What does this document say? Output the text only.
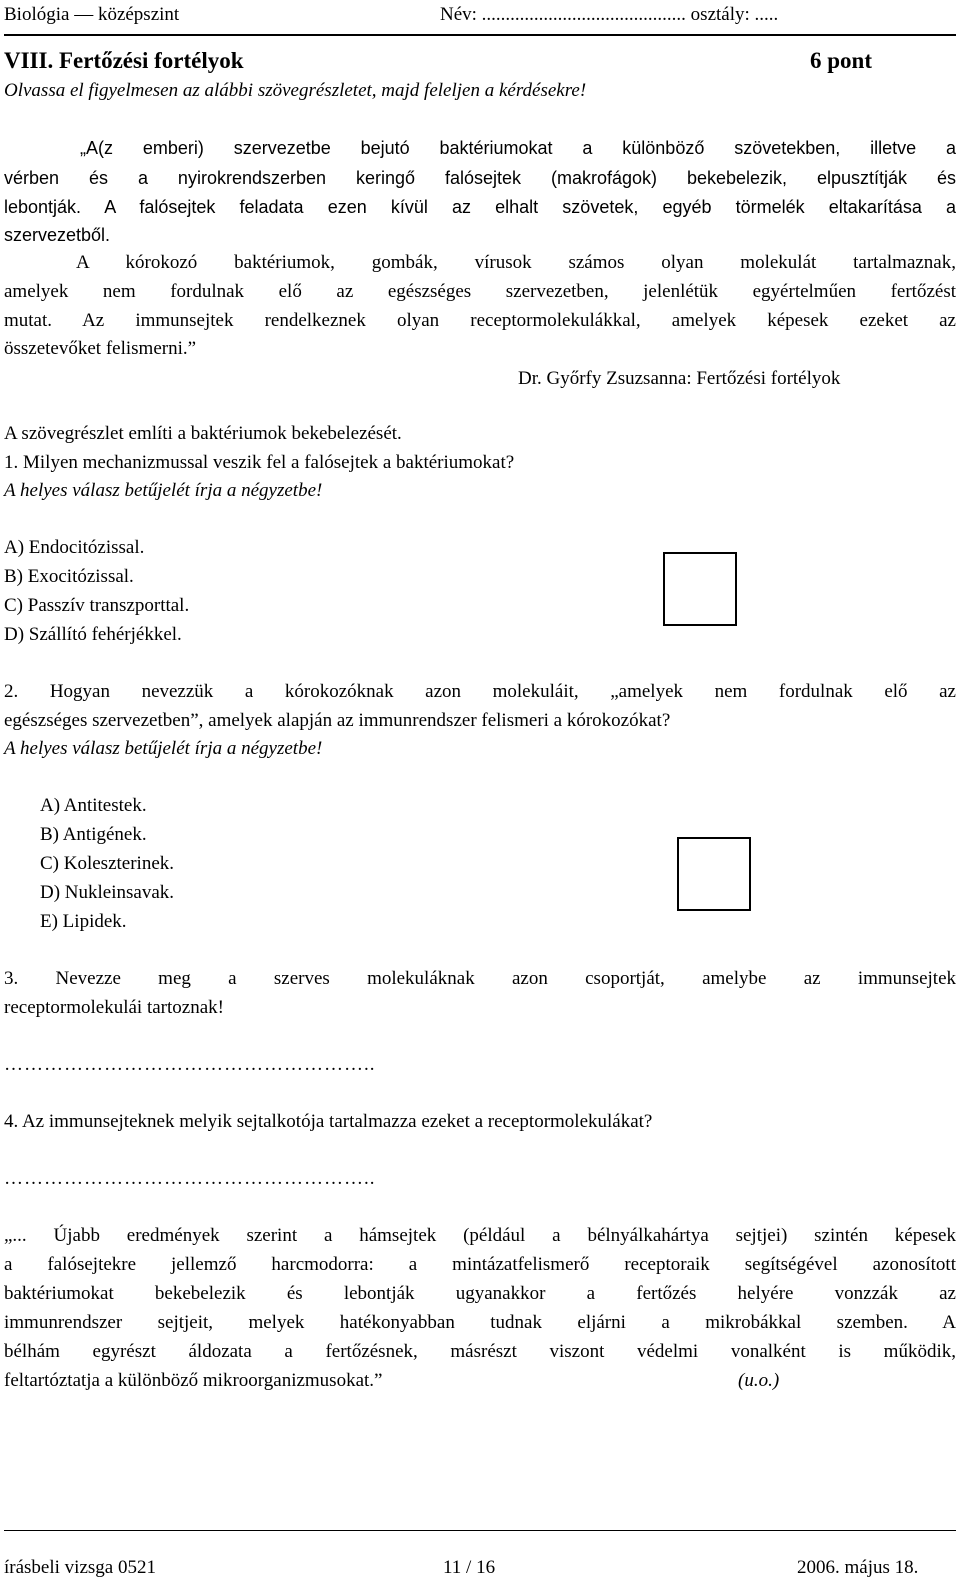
Biológia — középszint	Név: ........................................... osztály: .....
VIII. Fertőzési fortélyok	6 pont
Olvassa el figyelmesen az alábbi szövegrészletet, majd feleljen a kérdésekre!
„A(z emberi) szervezetbe bejutó baktériumokat a különböző szövetekben, illetve a
vérben és a nyirokrendszerben keringő falósejtek (makrofágok) bekebelezik, elpusztítják és
lebontják. A falósejtek feladata ezen kívül az elhalt szövetek, egyéb törmelék eltakarítása a
szervezetből.
A kórokozó baktériumok, gombák, vírusok számos olyan molekulát tartalmaznak,
amelyek nem fordulnak elő az egészséges szervezetben, jelenlétük egyértelműen fertőzést
mutat. Az immunsejtek rendelkeznek olyan receptormolekulákkal, amelyek képesek ezeket az
összetevőket felismerni.”
Dr. Győrfy Zsuzsanna: Fertőzési fortélyok
A szövegrészlet említi a baktériumok bekebelezését.
1. Milyen mechanizmussal veszik fel a falósejtek a baktériumokat?
A helyes válasz betűjelét írja a négyzetbe!
A) Endocitózissal.
B) Exocitózissal.
C) Passzív transzporttal.
D) Szállító fehérjékkel.
2. Hogyan nevezzük a kórokozóknak azon molekuláit, „amelyek nem fordulnak elő az
egészséges szervezetben”, amelyek alapján az immunrendszer felismeri a kórokozókat?
A helyes válasz betűjelét írja a négyzetbe!
A) Antitestek.
B) Antigének.
C) Koleszterinek.
D) Nukleinsavak.
E) Lipidek.
3. Nevezze meg a szerves molekuláknak azon csoportját, amelybe az immunsejtek
receptormolekulái tartoznak!
………………………………………………..
4. Az immunsejteknek melyik sejtalkotója tartalmazza ezeket a receptormolekulákat?
………………………………………………..
„... Újabb eredmények szerint a hámsejtek (például a bélnyálkahártya sejtjei) szintén képesek
a falósejtekre jellemző harcmodorra: a mintázatfelismerő receptoraik segítségével azonosított
baktériumokat bekebelezik és lebontják ugyanakkor a fertőzés helyére vonzzák az
immunrendszer sejtjeit, melyek hatékonyabban tudnak eljárni a mikrobákkal szemben. A
bélhám egyrészt áldozata a fertőzésnek, másrészt viszont védelmi vonalként is működik,
feltartóztatja a különböző mikroorganizmusokat.”	(u.o.)
írásbeli vizsga 0521	11 / 16	2006. május 18.
